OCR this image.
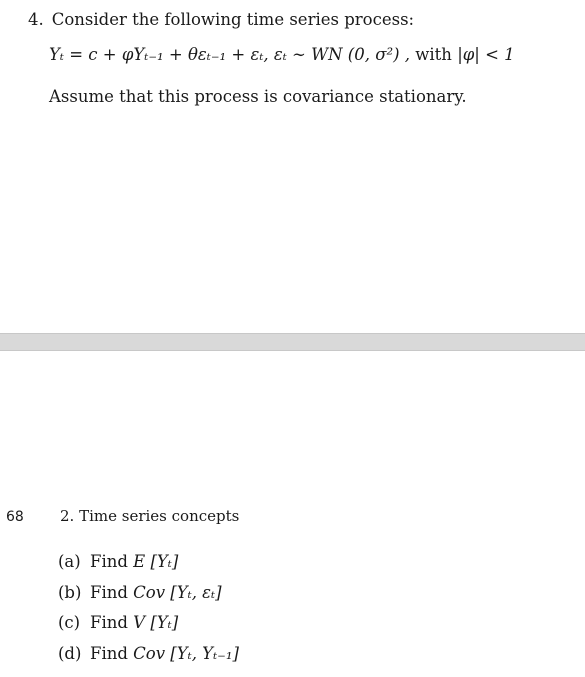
4. Consider the following time series process:
Yₜ = c + φYₜ₋₁ + θεₜ₋₁ + εₜ, εₜ ∼ WN (0, σ²) , with |φ| < 1
Assume that this process is covariance stationary.
68 2. Time series concepts
(a) Find E [Yₜ]
(b) Find Cov [Yₜ, εₜ]
(c) Find V [Yₜ]
(d) Find Cov [Yₜ, Yₜ₋₁]
